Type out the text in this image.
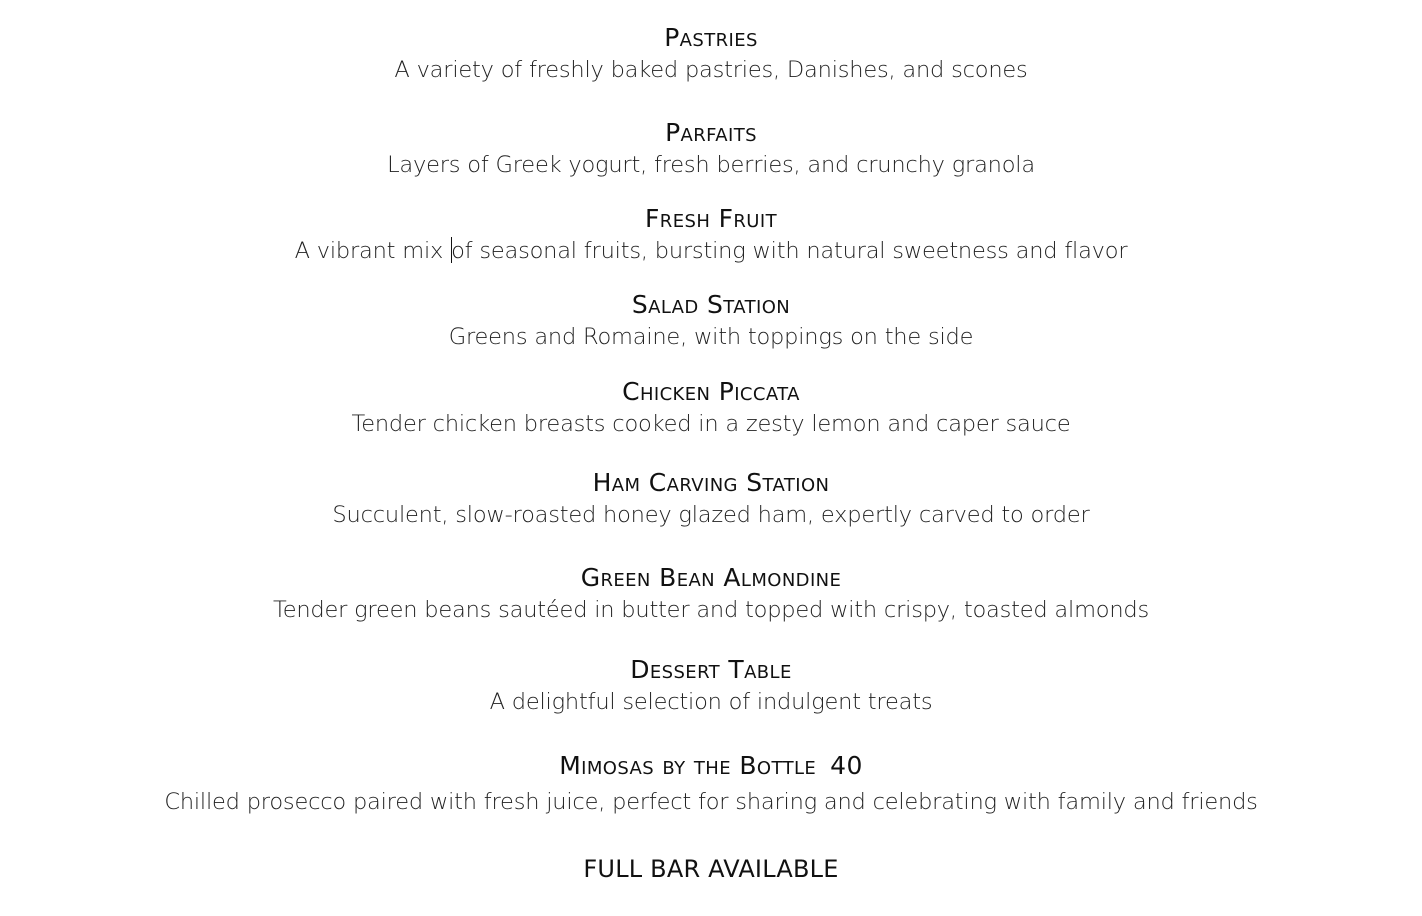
Pastries
A variety of freshly baked pastries, Danishes, and scones
Parfaits
Layers of Greek yogurt, fresh berries, and crunchy granola
Fresh Fruit
A vibrant mix of seasonal fruits, bursting with natural sweetness and flavor
Salad Station
Greens and Romaine, with toppings on the side
Chicken Piccata
Tender chicken breasts cooked in a zesty lemon and caper sauce
Ham Carving Station
Succulent, slow-roasted honey glazed ham, expertly carved to order
Green Bean Almondine
Tender green beans sautéed in butter and topped with crispy, toasted almonds
Dessert Table
A delightful selection of indulgent treats
Mimosas by the Bottle 40
Chilled prosecco paired with fresh juice, perfect for sharing and celebrating with family and friends
FULL BAR AVAILABLE
